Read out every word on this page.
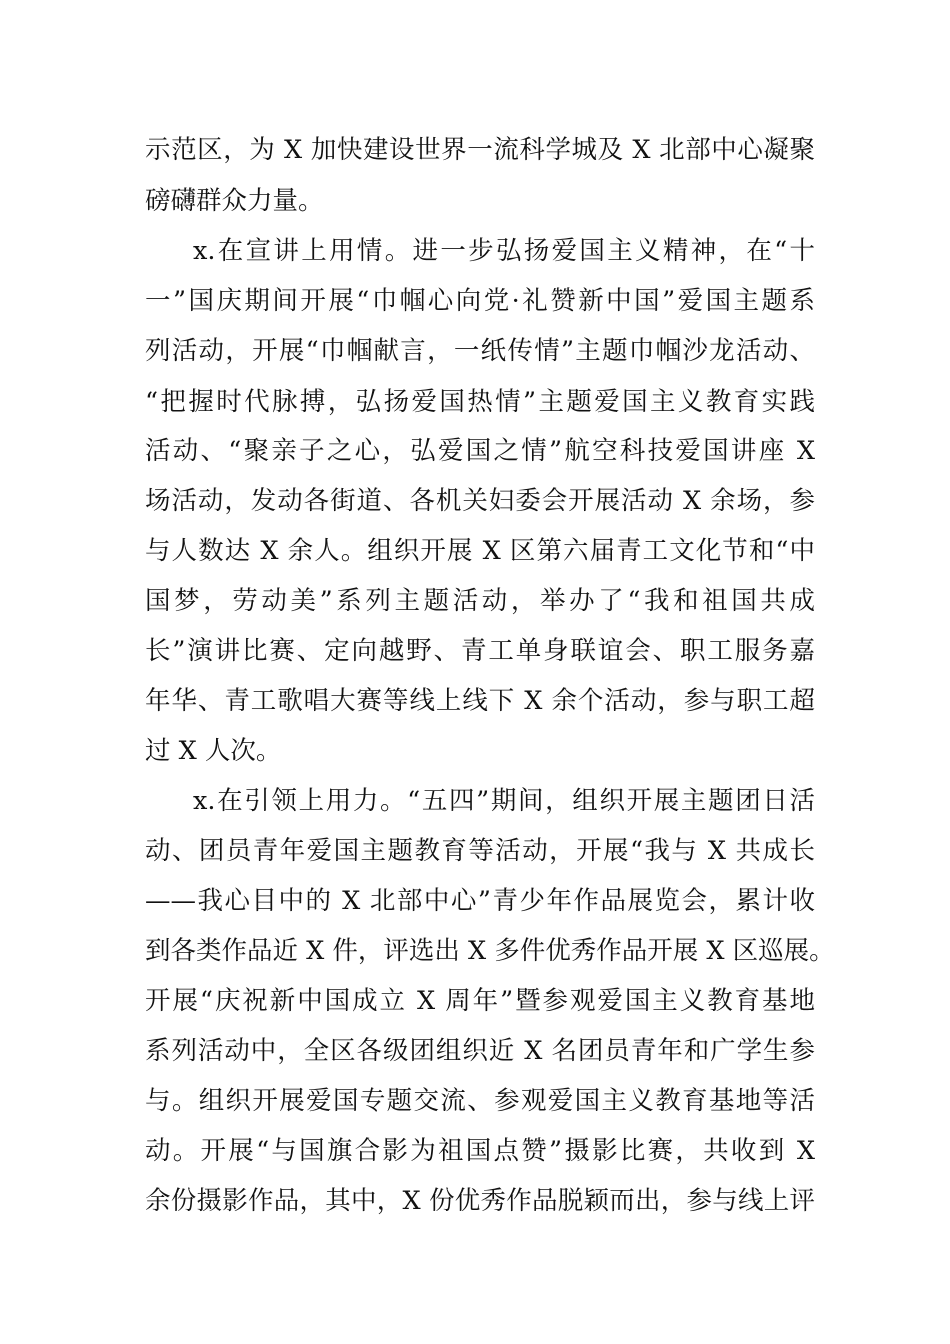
示范区，为 X 加快建设世界一流科学城及 X 北部中心凝聚
磅礴群众力量。
x.在宣讲上用情。进一步弘扬爱国主义精神，在“十
一”国庆期间开展“巾帼心向党·礼赞新中国”爱国主题系
列活动，开展“巾帼献言，一纸传情”主题巾帼沙龙活动、
“把握时代脉搏，弘扬爱国热情”主题爱国主义教育实践
活动、“聚亲子之心，弘爱国之情”航空科技爱国讲座 X
场活动，发动各街道、各机关妇委会开展活动 X 余场，参
与人数达 X 余人。组织开展 X 区第六届青工文化节和“中
国梦，劳动美”系列主题活动，举办了“我和祖国共成
长”演讲比赛、定向越野、青工单身联谊会、职工服务嘉
年华、青工歌唱大赛等线上线下 X 余个活动，参与职工超
过 X 人次。
x.在引领上用力。“五四”期间，组织开展主题团日活
动、团员青年爱国主题教育等活动，开展“我与 X 共成长
——我心目中的 X 北部中心”青少年作品展览会，累计收
到各类作品近 X 件，评选出 X 多件优秀作品开展 X 区巡展。
开展“庆祝新中国成立 X 周年”暨参观爱国主义教育基地
系列活动中，全区各级团组织近 X 名团员青年和广学生参
与。组织开展爱国专题交流、参观爱国主义教育基地等活
动。开展“与国旗合影为祖国点赞”摄影比赛，共收到 X
余份摄影作品，其中，X 份优秀作品脱颖而出，参与线上评
